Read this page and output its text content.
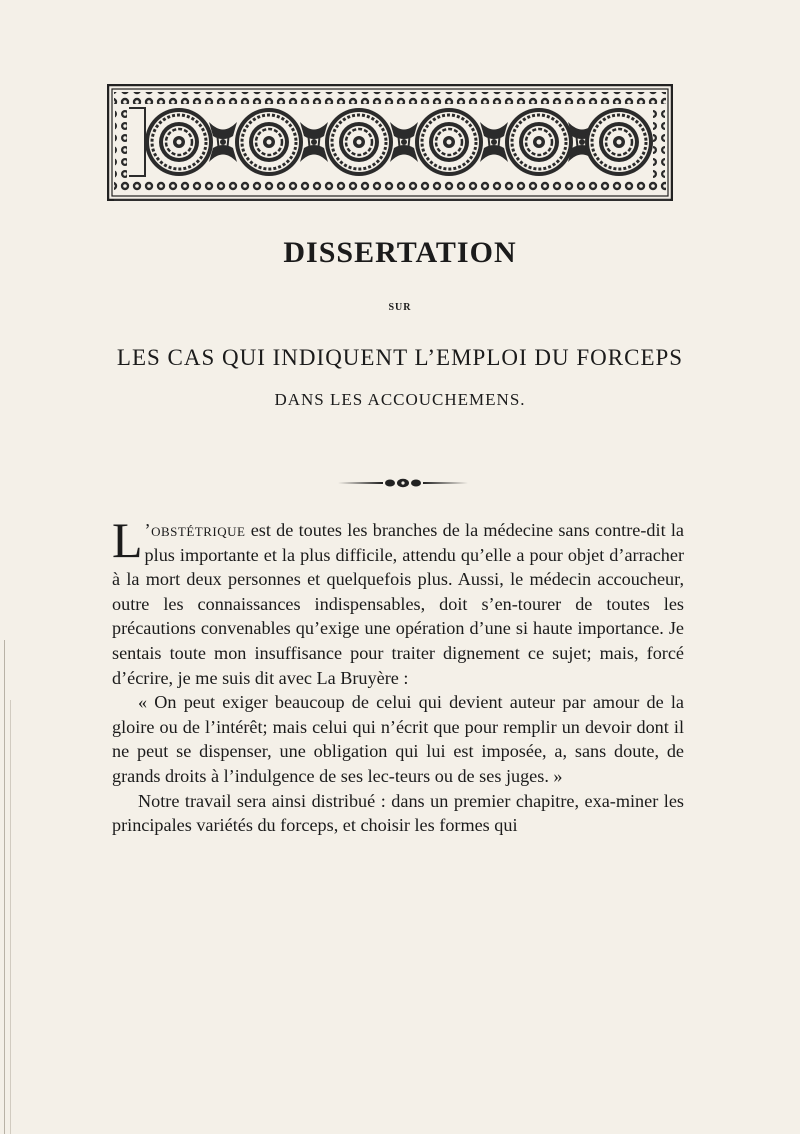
DISSERTATION
SUR
LES CAS QUI INDIQUENT L’EMPLOI DU FORCEPS
DANS LES ACCOUCHEMENS.

L ’obstétrique est de toutes les branches de la médecine sans contre-dit la plus importante et la plus difficile, attendu qu’elle a pour objet d’arracher à la mort deux personnes et quelquefois plus. Aussi, le médecin accoucheur, outre les connaissances indispensables, doit s’en-tourer de toutes les précautions convenables qu’exige une opération d’une si haute importance. Je sentais toute mon insuffisance pour traiter dignement ce sujet; mais, forcé d’écrire, je me suis dit avec La Bruyère :

« On peut exiger beaucoup de celui qui devient auteur par amour de la gloire ou de l’intérêt; mais celui qui n’écrit que pour remplir un devoir dont il ne peut se dispenser, une obligation qui lui est imposée, a, sans doute, de grands droits à l’indulgence de ses lec-teurs ou de ses juges. »

Notre travail sera ainsi distribué : dans un premier chapitre, exa-miner les principales variétés du forceps, et choisir les formes qui
